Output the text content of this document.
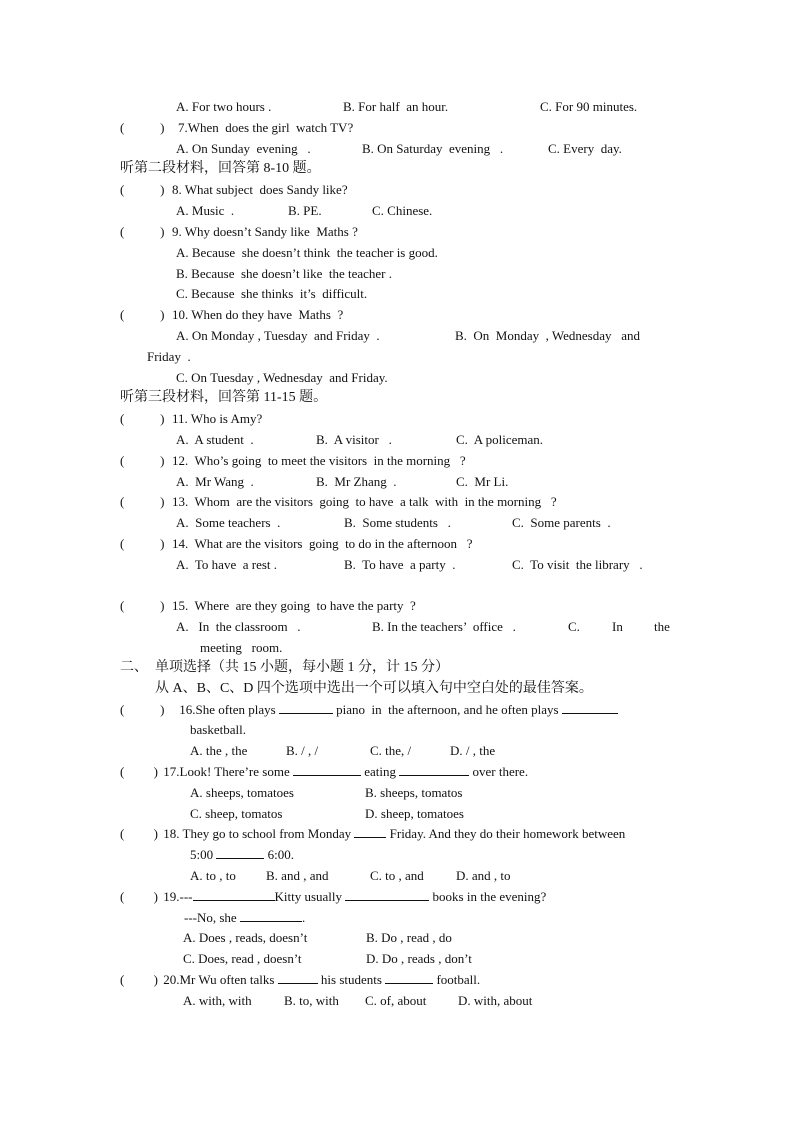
A. For two hours .	B. For half  an hour.	C. For 90 minutes.
(           ) 7.When  does the girl  watch TV?
A. On Sunday  evening   .	B. On Saturday  evening   .	C. Every  day.
听第二段材料，回答第 8-10 题。
(           ) 8. What subject  does Sandy like?
A. Music  .	B. PE.	C. Chinese.
(           ) 9. Why doesn’t Sandy like  Maths ?
A. Because  she doesn’t think  the teacher is good.
B. Because  she doesn’t like  the teacher .
C. Because  she thinks  it’s  difficult.
(           ) 10. When do they have  Maths  ?
A. On Monday , Tuesday  and Friday  .	B.  On  Monday  , Wednesday   and
Friday  .
C. On Tuesday , Wednesday  and Friday.
听第三段材料，回答第 11-15 题。
(           ) 11. Who is Amy?
A.  A student  .	B.  A visitor   .	C.  A policeman.
(           ) 12.  Who’s going  to meet the visitors  in the morning   ?
A.  Mr Wang  .	B.  Mr Zhang  .	C.  Mr Li.
(           ) 13.  Whom  are the visitors  going  to have  a talk  with  in the morning   ?
A.  Some teachers  .	B.  Some students   .	C.  Some parents  .
(           ) 14.  What are the visitors  going  to do in the afternoon   ?
A.  To have  a rest .	B.  To have  a party  .	C.  To visit  the library   .
(           ) 15.  Where  are they going  to have the party  ?
A.   In  the classroom   .	B. In the teachers’  office   .	C. In the
meeting   room.
二、  单项选择（共 15 小题，每小题 1 分，计 15 分）
从 A、B、C、D 四个选项中选出一个可以填入句中空白处的最佳答案。
(           ) 16.She often plays	piano  in  the afternoon, and he often plays
basketball.
A. the , the	B. / , /	C. the, /	D. / , the
(         ) 17.Look! There’re some	eating	over there.
A. sheeps, tomatoes	B. sheeps, tomatos
C. sheep, tomatos	D. sheep, tomatoes
(         ) 18. They go to school from Monday  Friday. And they do their homework between
5:00	6:00.
A. to , to B. and , and	C. to , and D. and , to
(         ) 19.---	Kitty usually	books in the evening?
---No, she	.
A. Does , reads, doesn’t	B. Do , read , do
C. Does, read , doesn’t	D. Do , reads , don’t
(         ) 20.Mr Wu often talks	his students	football.
A. with, with B. to, with C. of, about D. with, about
